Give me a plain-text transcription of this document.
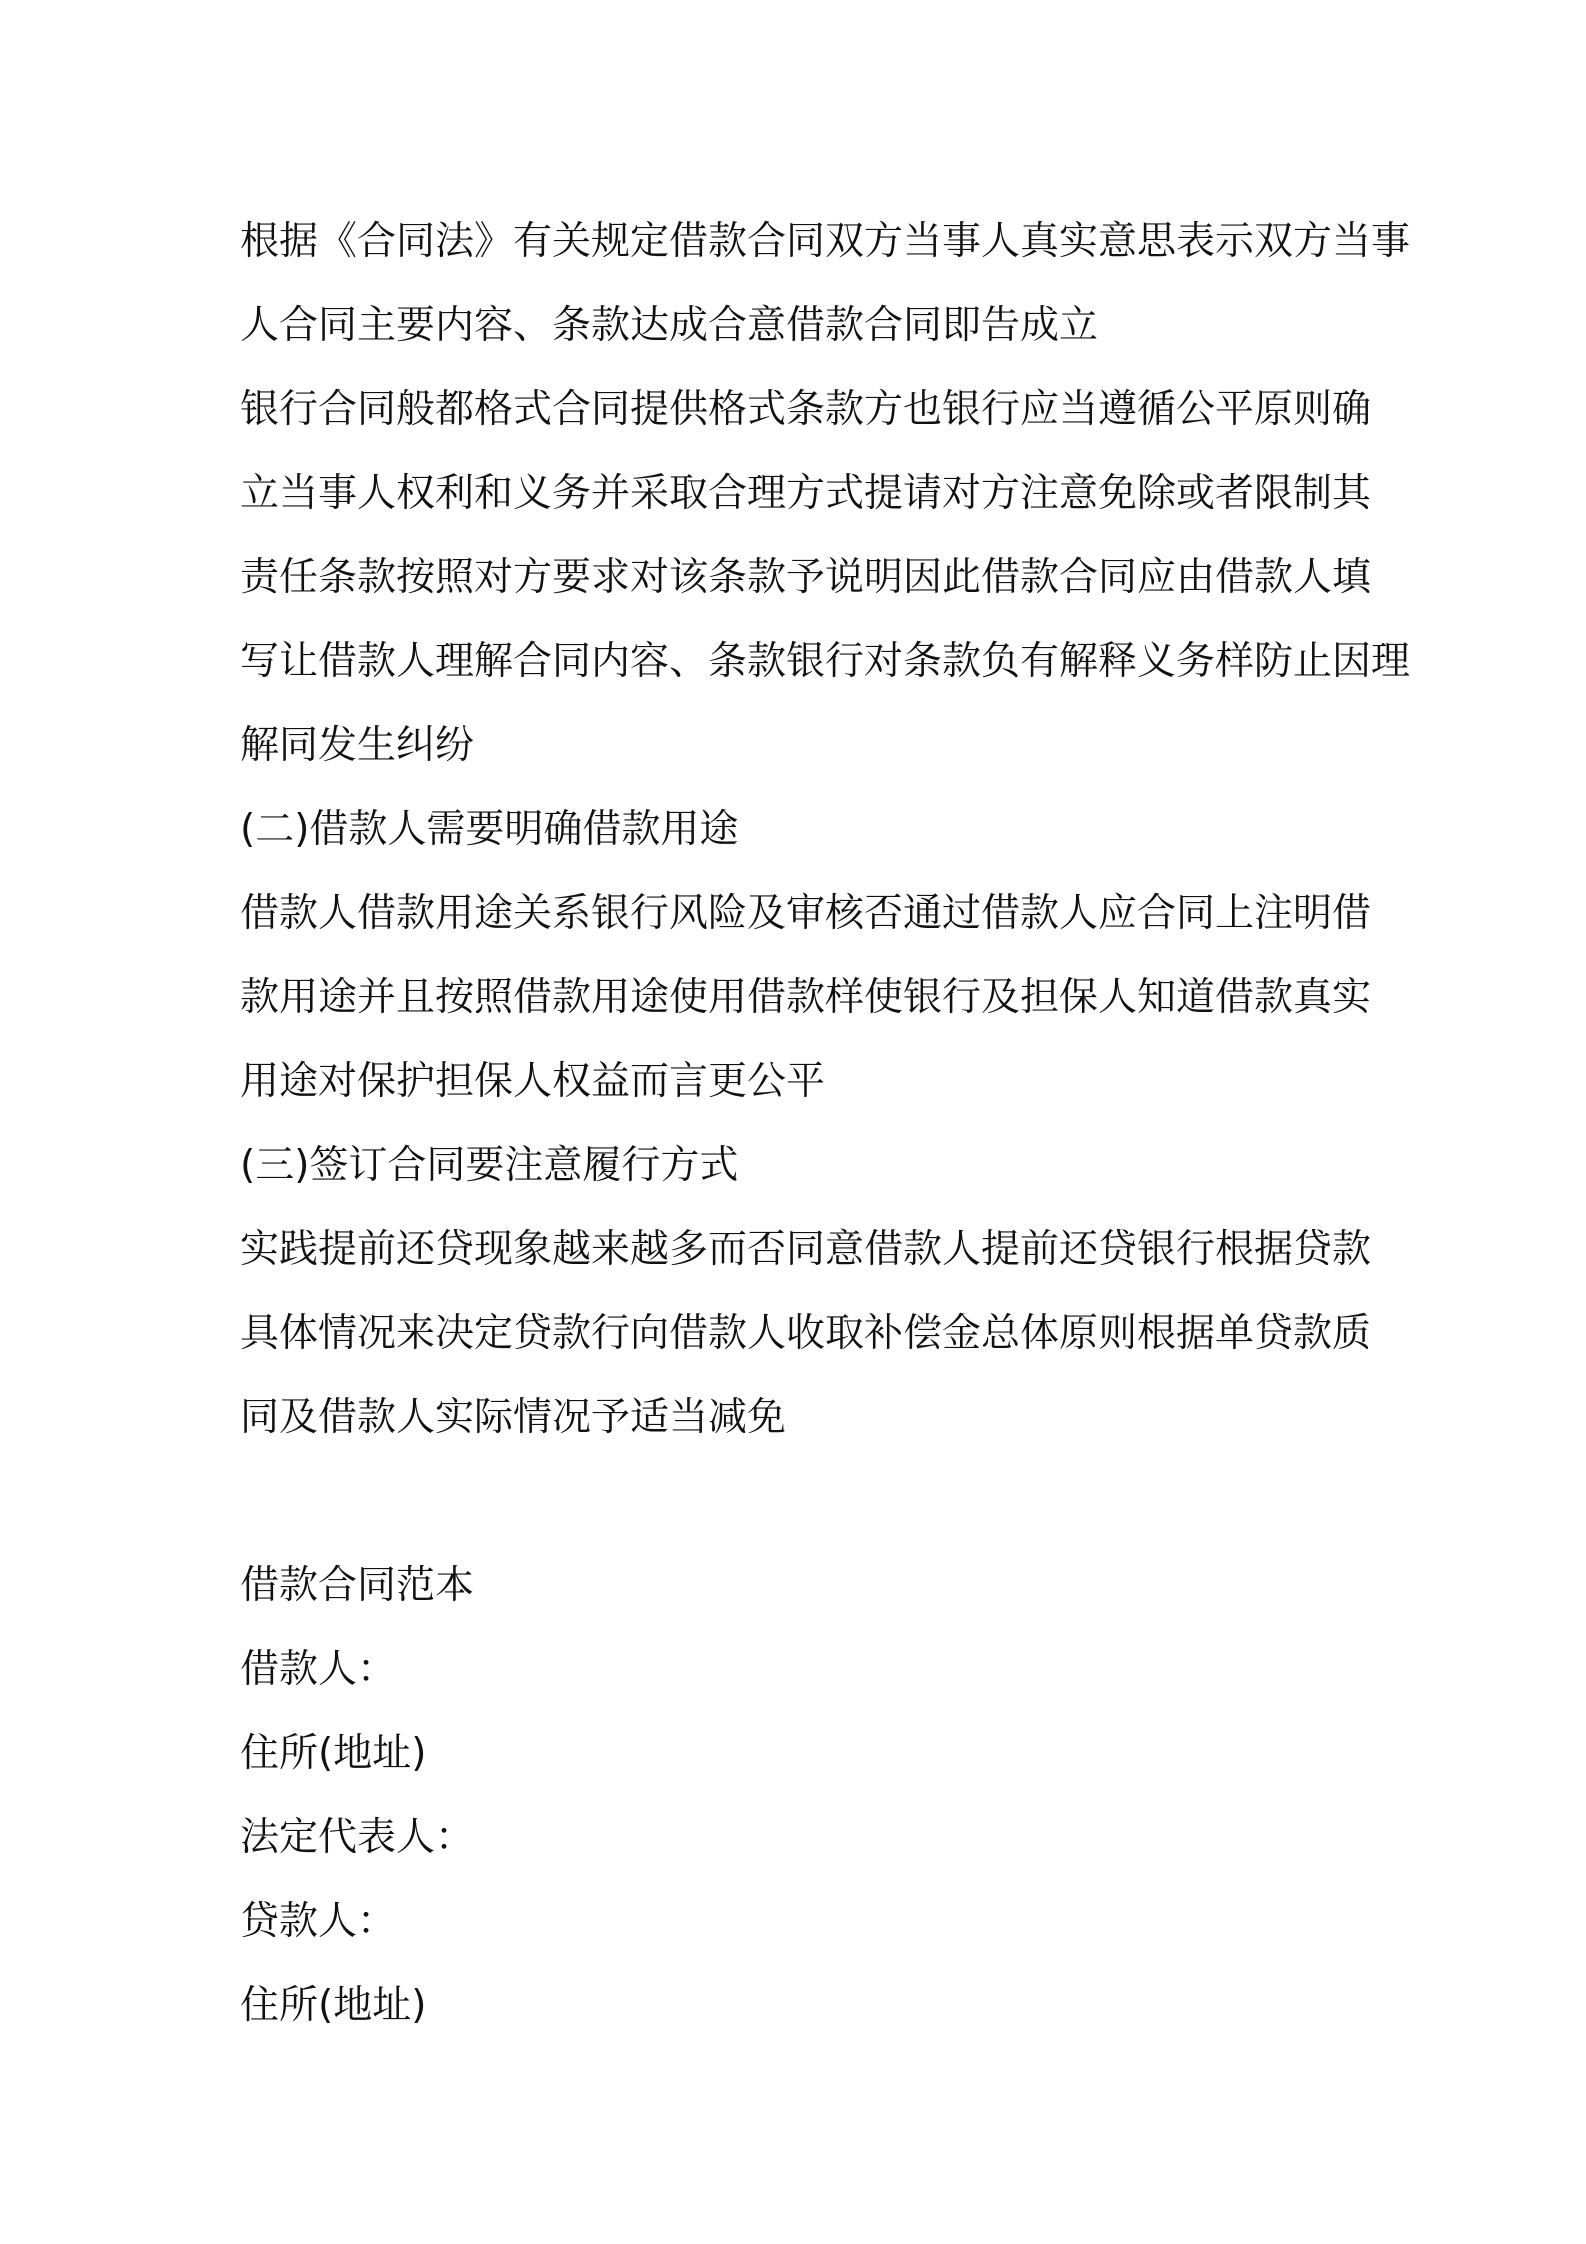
根据《合同法》有关规定借款合同双方当事人真实意思表示双方当事
人合同主要内容、条款达成合意借款合同即告成立
银行合同般都格式合同提供格式条款方也银行应当遵循公平原则确
立当事人权利和义务并采取合理方式提请对方注意免除或者限制其
责任条款按照对方要求对该条款予说明因此借款合同应由借款人填
写让借款人理解合同内容、条款银行对条款负有解释义务样防止因理
解同发生纠纷
(二)借款人需要明确借款用途
借款人借款用途关系银行风险及审核否通过借款人应合同上注明借
款用途并且按照借款用途使用借款样使银行及担保人知道借款真实
用途对保护担保人权益而言更公平
(三)签订合同要注意履行方式
实践提前还贷现象越来越多而否同意借款人提前还贷银行根据贷款
具体情况来决定贷款行向借款人收取补偿金总体原则根据单贷款质
同及借款人实际情况予适当减免
借款合同范本
借款人：
住所(地址)
法定代表人：
贷款人：
住所(地址)
